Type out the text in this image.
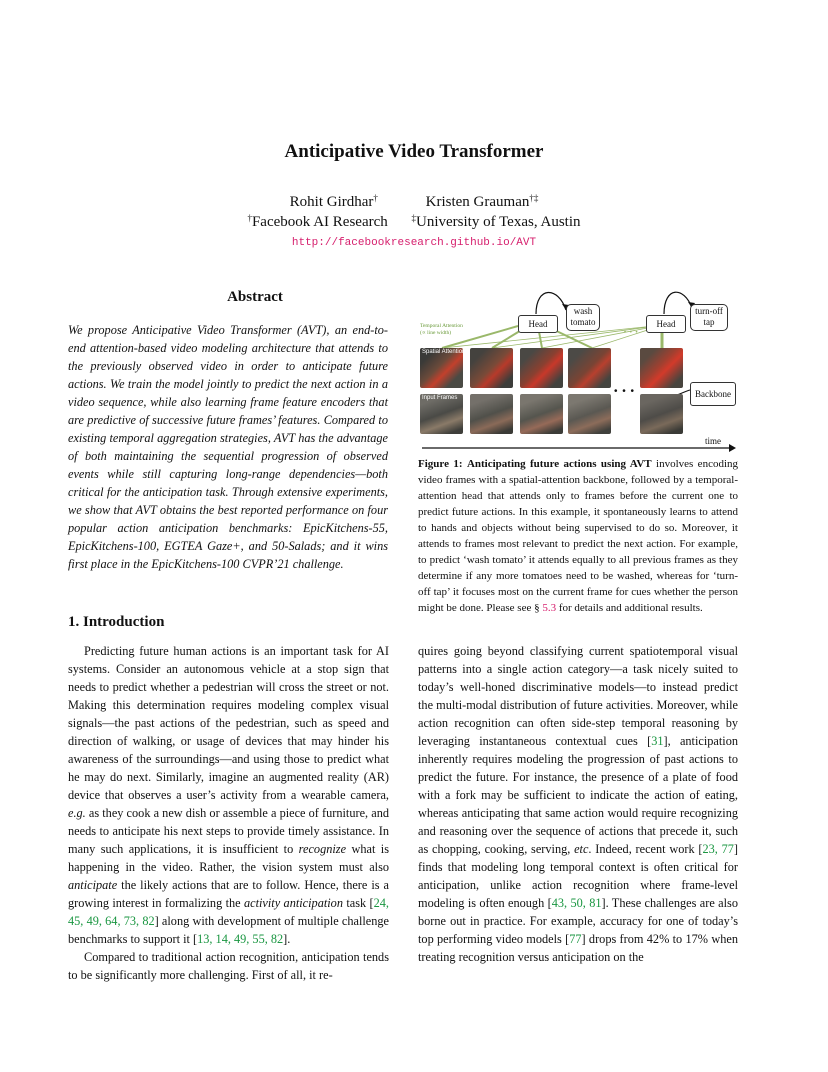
Anticipative Video Transformer
Rohit Girdhar†	Kristen Grauman†‡
†Facebook AI Research	‡University of Texas, Austin
http://facebookresearch.github.io/AVT
Abstract
We propose Anticipative Video Transformer (AVT), an end-to-end attention-based video modeling architecture that attends to the previously observed video in order to anticipate future actions. We train the model jointly to predict the next action in a video sequence, while also learning frame feature encoders that are predictive of successive future frames’ features. Compared to existing temporal aggregation strategies, AVT has the advantage of both maintaining the sequential progression of observed events while still capturing long-range dependencies—both critical for the anticipation task. Through extensive experiments, we show that AVT obtains the best reported performance on four popular action anticipation benchmarks: EpicKitchens-55, EpicKitchens-100, EGTEA Gaze+, and 50-Salads; and it wins first place in the EpicKitchens-100 CVPR’21 challenge.
Temporal Attention
(∝ line width)
Head	Head
wash tomato
turn-off tap
Backbone
Spatial Attention
Input Frames
• • •
• • •
time
Figure 1: Anticipating future actions using AVT involves encoding video frames with a spatial-attention backbone, followed by a temporal-attention head that attends only to frames before the current one to predict future actions. In this example, it spontaneously learns to attend to hands and objects without being supervised to do so. Moreover, it attends to frames most relevant to predict the next action. For example, to predict ‘wash tomato’ it attends equally to all previous frames as they determine if any more tomatoes need to be washed, whereas for ‘turn-off tap’ it focuses most on the current frame for cues whether the person might be done. Please see § 5.3 for details and additional results.
1. Introduction

Predicting future human actions is an important task for AI systems. Consider an autonomous vehicle at a stop sign that needs to predict whether a pedestrian will cross the street or not. Making this determination requires modeling complex visual signals—the past actions of the pedestrian, such as speed and direction of walking, or usage of devices that may hinder his awareness of the surroundings—and using those to predict what he may do next. Similarly, imagine an augmented reality (AR) device that observes a user’s activity from a wearable camera, e.g. as they cook a new dish or assemble a piece of furniture, and needs to anticipate his next steps to provide timely assistance. In many such applications, it is insufficient to recognize what is happening in the video. Rather, the vision system must also anticipate the likely actions that are to follow. Hence, there is a growing interest in formalizing the activity anticipation task [24, 45, 49, 64, 73, 82] along with development of multiple challenge benchmarks to support it [13, 14, 49, 55, 82].

Compared to traditional action recognition, anticipation tends to be significantly more challenging. First of all, it re-

quires going beyond classifying current spatiotemporal visual patterns into a single action category—a task nicely suited to today’s well-honed discriminative models—to instead predict the multi-modal distribution of future activities. Moreover, while action recognition can often side-step temporal reasoning by leveraging instantaneous contextual cues [31], anticipation inherently requires modeling the progression of past actions to predict the future. For instance, the presence of a plate of food with a fork may be sufficient to indicate the action of eating, whereas anticipating that same action would require recognizing and reasoning over the sequence of actions that precede it, such as chopping, cooking, serving, etc. Indeed, recent work [23, 77] finds that modeling long temporal context is often critical for anticipation, unlike action recognition where frame-level modeling is often enough [43, 50, 81]. These challenges are also borne out in practice. For example, accuracy for one of today’s top performing video models [77] drops from 42% to 17% when treating recognition versus anticipation on the
